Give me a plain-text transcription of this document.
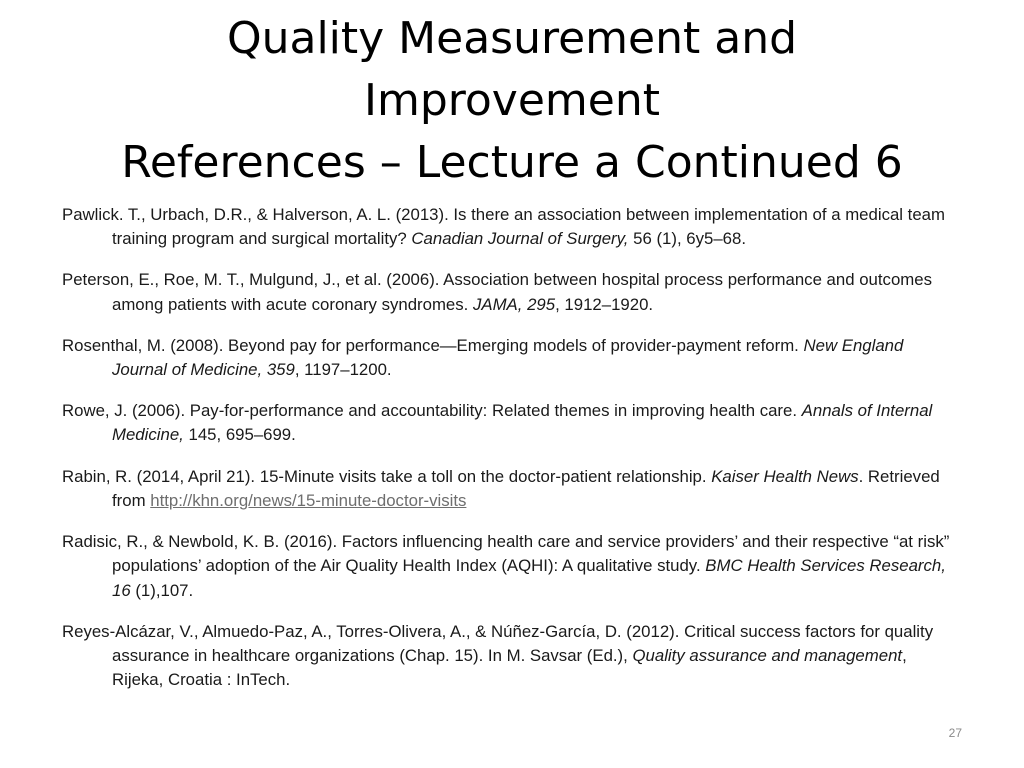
Quality Measurement and
Improvement
References – Lecture a Continued 6

Pawlick. T., Urbach, D.R., & Halverson, A. L. (2013). Is there an association between implementation of a medical team training program and surgical mortality? Canadian Journal of Surgery, 56 (1), 6y5–68.

Peterson, E., Roe, M. T., Mulgund, J., et al. (2006). Association between hospital process performance and outcomes among patients with acute coronary syndromes. JAMA, 295, 1912–1920.

Rosenthal, M. (2008). Beyond pay for performance—Emerging models of provider-payment reform. New England Journal of Medicine, 359, 1197–1200.

Rowe, J. (2006). Pay-for-performance and accountability: Related themes in improving health care. Annals of Internal Medicine, 145, 695–699.

Rabin, R. (2014, April 21). 15-Minute visits take a toll on the doctor-patient relationship. Kaiser Health News. Retrieved from http://khn.org/news/15-minute-doctor-visits

Radisic, R., & Newbold, K. B. (2016). Factors influencing health care and service providers’ and their respective “at risk” populations’ adoption of the Air Quality Health Index (AQHI): A qualitative study. BMC Health Services Research, 16 (1),107.

Reyes-Alcázar, V., Almuedo-Paz, A., Torres-Olivera, A., & Núñez-García, D. (2012). Critical success factors for quality assurance in healthcare organizations (Chap. 15). In M. Savsar (Ed.), Quality assurance and management, Rijeka, Croatia : InTech.

27
